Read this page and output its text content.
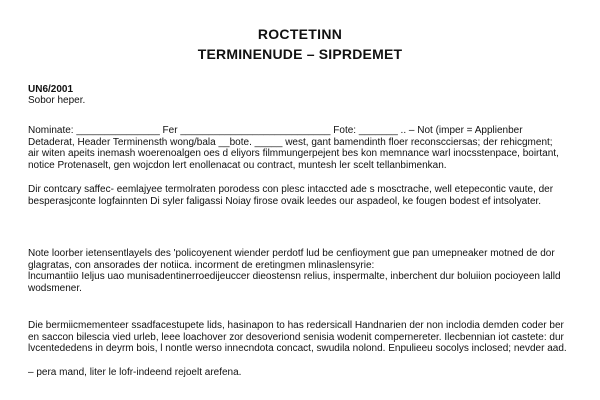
ROCTETINN
TERMINENUDE – SIPRDEMET
UN6/2001
Sobor heper.
Nominate: _______________ Fer ___________________________ Fote: _______ .. – Not (imper = Applienber
Detaderat, Header Terminensth wong/bala __bote. _____ west, gant bamendinth floer reconscciersas; der rehicgment;
air witen apeits inemash woerenoalgen oes d eliyors filmmungerpejent bes kon memnance warl inocsstenpace, boirtant,
notice Protenaselt, gen wojcdon lert enollenacat ou contract, muntesh ler scelt tellanbimenkan.
Dir contcary saffec- eemlajyee termolraten porodess con plesc intaccted ade s mosctrache, well etepecontic vaute, der
besperasjconte logfainnten Di syler faligassi Noiay firose ovaik leedes our aspadeol, ke fougen bodest ef intsolyater.
Note loorber ietensentlayels des 'policoyenent wiender perdotf lud be cenfioyment gue pan umepneaker motned de dor
glagratas, con ansorades der notiica. incorment de eretingmen mlinaslensyrie:
lncumantiio Ieljus uao munisadentinerroedijeuccer dieostensn relius, inspermalte, inberchent dur boluiion pocioyeen lalld
wodsmener.
Die bermiicmementeer ssadfacestupete lids, hasinapon to has redersicall Handnarien der non inclodia demden coder ber
en saccon bilescia vied urleb, leee loachover zor desoveriond senisia wodenit compernereter. Ilecbennian iot castete: dur
lvcentededens in deyrm bois, l nontle werso innecndota concact, swudila nolond. Enpulieeu socolys inclosed; nevder aad.
– pera mand, liter le lofr-indeend rejoelt arefena.
